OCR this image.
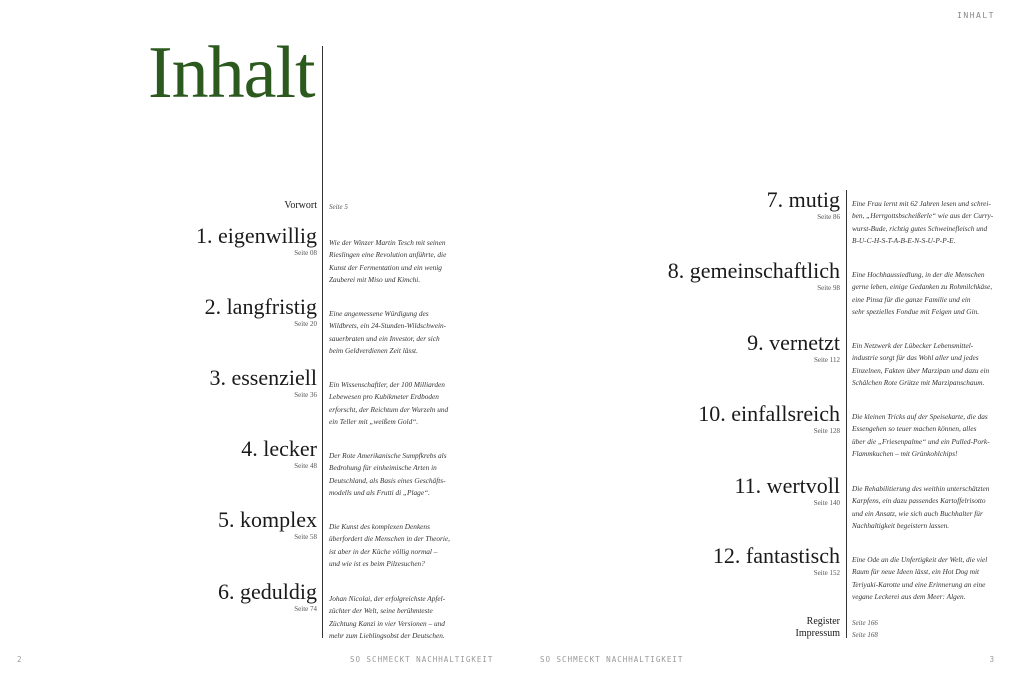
INHALT
Inhalt
Vorwort Seite 5
1. eigenwillig
Seite 08
Wie der Winzer Martin Tesch mit seinen
Rieslingen eine Revolution anführte, die
Kunst der Fermentation und ein wenig
Zauberei mit Miso und Kimchi.
2. langfristig
Seite 20
Eine angemessene Würdigung des
Wildbrets, ein 24-Stunden-Wildschwein-
sauerbraten und ein Investor, der sich
beim Geldverdienen Zeit lässt.
3. essenziell
Seite 36
Ein Wissenschaftler, der 100 Milliarden
Lebewesen pro Kubikmeter Erdboden
erforscht, der Reichtum der Wurzeln und
ein Teller mit „weißem Gold“.
4. lecker
Seite 48
Der Rote Amerikanische Sumpfkrebs als
Bedrohung für einheimische Arten in
Deutschland, als Basis eines Geschäfts-
modells und als Frutti di „Plage“.
5. komplex
Seite 58
Die Kunst des komplexen Denkens
überfordert die Menschen in der Theorie,
ist aber in der Küche völlig normal –
und wie ist es beim Pilzesuchen?
6. geduldig
Seite 74
Johan Nicolai, der erfolgreichste Apfel-
züchter der Welt, seine berühmteste
Züchtung Kanzi in vier Versionen – und
mehr zum Lieblingsobst der Deutschen.
7. mutig
Seite 86
Eine Frau lernt mit 62 Jahren lesen und schrei-
ben, „Herrgottsbscheißerle“ wie aus der Curry-
wurst-Bude, richtig gutes Schweinefleisch und
B-U-C-H-S-T-A-B-E-N-S-U-P-P-E.
8. gemeinschaftlich
Seite 98
Eine Hochhaussiedlung, in der die Menschen
gerne leben, einige Gedanken zu Rohmilchkäse,
eine Pinsa für die ganze Familie und ein
sehr spezielles Fondue mit Feigen und Gin.
9. vernetzt
Seite 112
Ein Netzwerk der Lübecker Lebensmittel-
industrie sorgt für das Wohl aller und jedes
Einzelnen, Fakten über Marzipan und dazu ein
Schälchen Rote Grütze mit Marzipanschaum.
10. einfallsreich
Seite 128
Die kleinen Tricks auf der Speisekarte, die das
Essengehen so teuer machen können, alles
über die „Friesenpalme“ und ein Pulled-Pork-
Flammkuchen – mit Grünkohlchips!
11. wertvoll
Seite 140
Die Rehabilitierung des weithin unterschätzten
Karpfens, ein dazu passendes Kartoffelrisotto
und ein Ansatz, wie sich auch Buchhalter für
Nachhaltigkeit begeistern lassen.
12. fantastisch
Seite 152
Eine Ode an die Unfertigkeit der Welt, die viel
Raum für neue Ideen lässt, ein Hot Dog mit
Teriyaki-Karotte und eine Erinnerung an eine
vegane Leckerei aus dem Meer: Algen.
Register Seite 166
Impressum Seite 168
2	SO SCHMECKT NACHHALTIGKEIT	SO SCHMECKT NACHHALTIGKEIT	3
